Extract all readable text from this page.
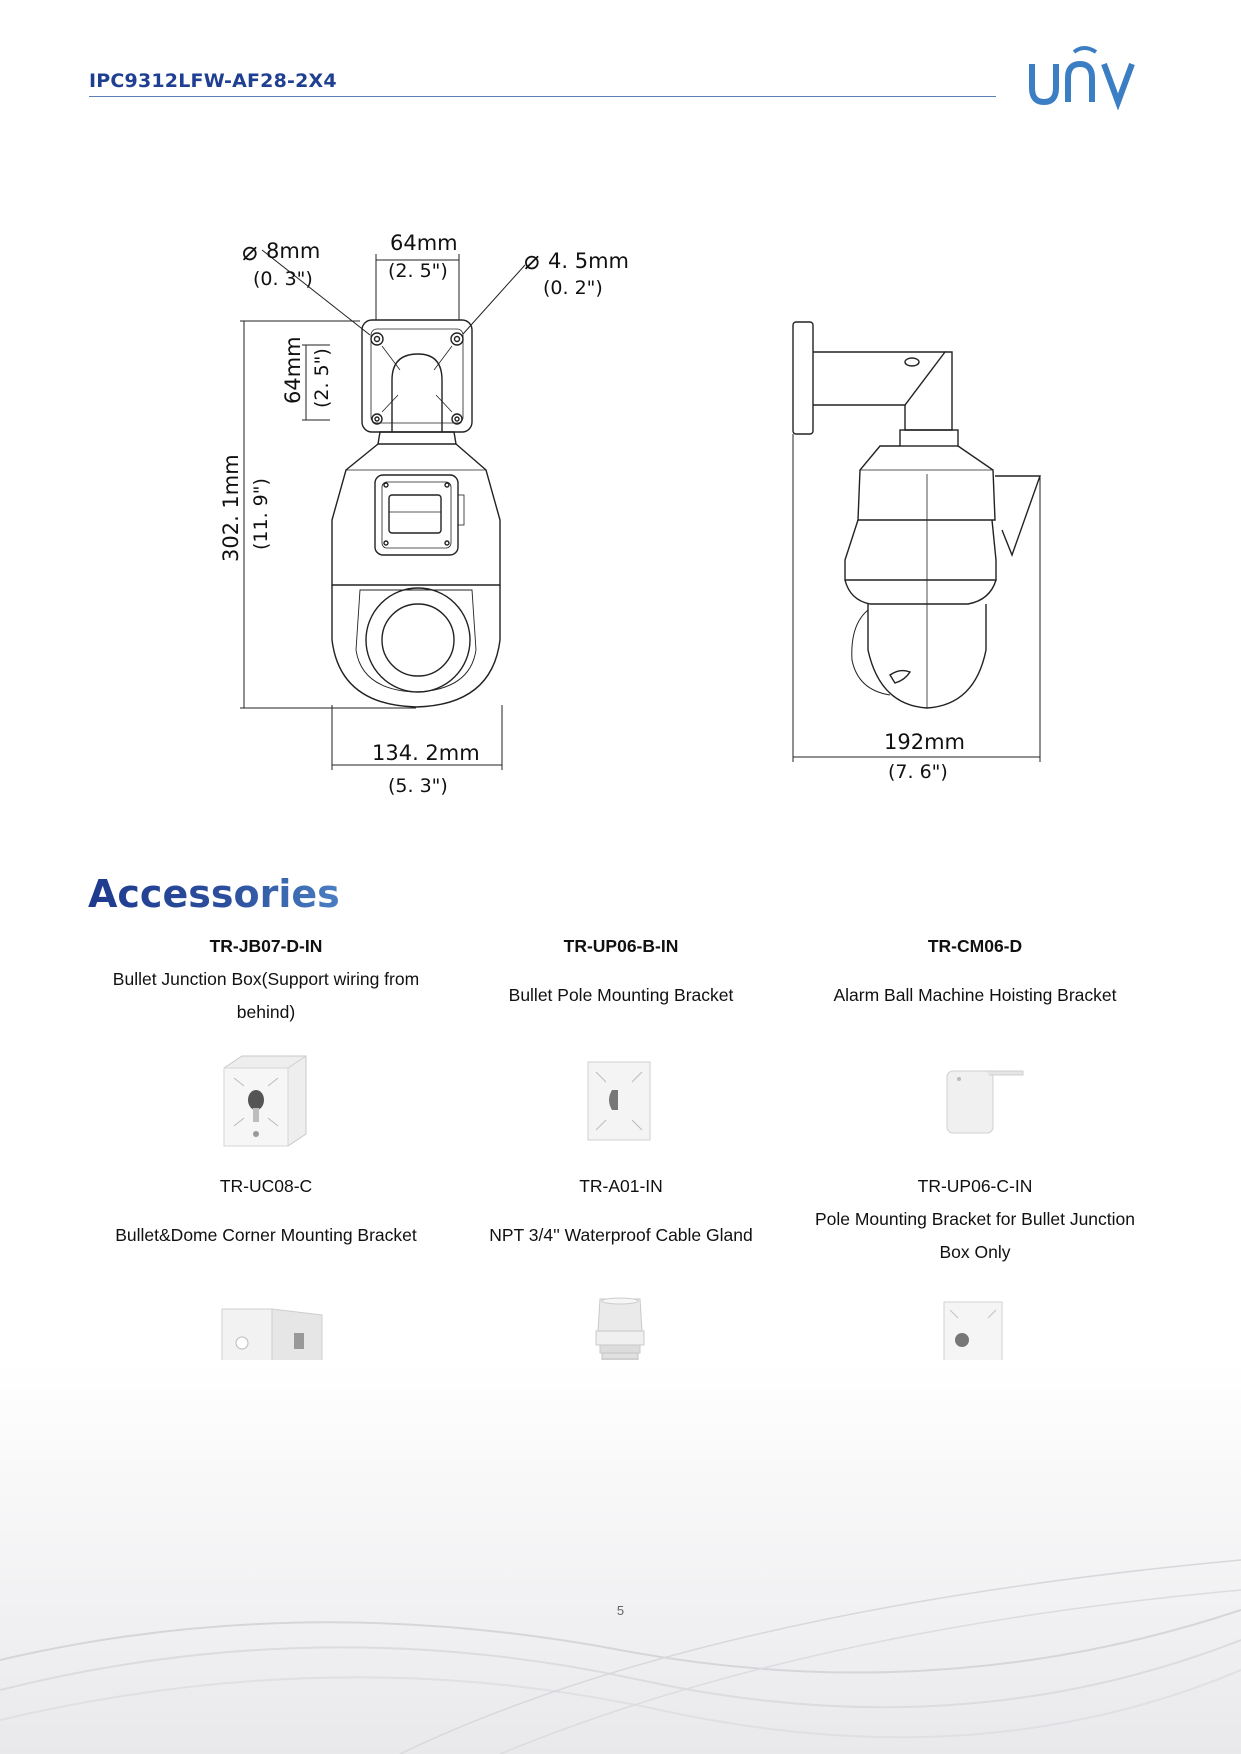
IPC9312LFW-AF28-2X4
⌀ 8mm
(0. 3")
64mm
(2. 5")	⌀ 4. 5mm
(0. 2")
64mm (2. 5")
302. 1mm (11. 9")
134. 2mm
(5. 3")
192mm
(7. 6")
Accessories
TR-JB07-D-IN
Bullet Junction Box(Support wiring from behind)
TR-UP06-B-IN
Bullet Pole Mounting Bracket
TR-CM06-D
Alarm Ball Machine Hoisting Bracket
TR-UC08-C
Bullet&Dome Corner Mounting Bracket
TR-A01-IN
NPT 3/4'' Waterproof Cable Gland
TR-UP06-C-IN
Pole Mounting Bracket for Bullet Junction Box Only
5
